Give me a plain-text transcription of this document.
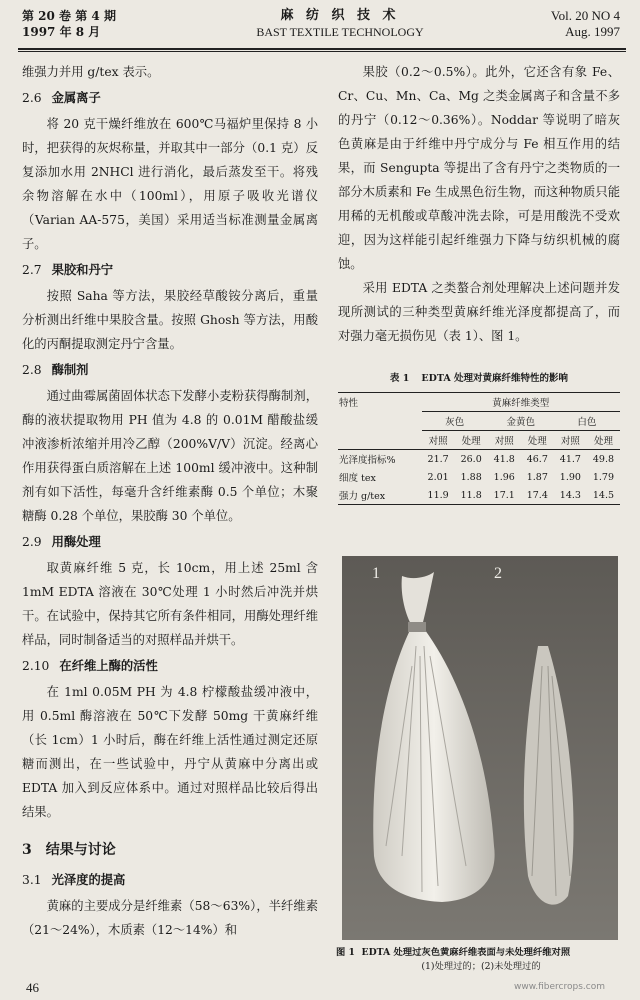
第 20 卷 第 4 期
1997 年 8 月
麻 纺 织 技 术
BAST TEXTILE TECHNOLOGY
Vol. 20 NO 4
Aug. 1997

维强力并用 g/tex 表示。

2.6 金属离子

将 20 克干燥纤维放在 600℃马福炉里保持 8 小时，把获得的灰烬称量，并取其中一部分（0.1 克）反复添加水用 2NHCl 进行消化，最后蒸发至干。将残余物溶解在水中（100ml），用原子吸收光谱仪（Varian AA-575，美国）采用适当标准测量金属离子。

2.7 果胶和丹宁

按照 Saha 等方法，果胶经草酸铵分离后，重量分析测出纤维中果胶含量。按照 Ghosh 等方法，用酸化的丙酮提取测定丹宁含量。

2.8 酶制剂

通过曲霉属菌固体状态下发酵小麦粉获得酶制剂，酶的液状提取物用 PH 值为 4.8 的 0.01M 醋酸盐缓冲液渗析浓缩并用冷乙醇（200%V/V）沉淀。经离心作用获得蛋白质溶解在上述 100ml 缓冲液中。这种制剂有如下活性，每毫升含纤维素酶 0.5 个单位；木聚糖酶 0.28 个单位，果胶酶 30 个单位。

2.9 用酶处理

取黄麻纤维 5 克，长 10cm，用上述 25ml 含 1mM EDTA 溶液在 30℃处理 1 小时然后冲洗并烘干。在试验中，保持其它所有条件相同，用酶处理纤维样品，同时制备适当的对照样品并烘干。

2.10 在纤维上酶的活性

在 1ml 0.05M PH 为 4.8 柠檬酸盐缓冲液中，用 0.5ml 酶溶液在 50℃下发酵 50mg 干黄麻纤维（长 1cm）1 小时后，酶在纤维上活性通过测定还原糖而测出，在一些试验中，丹宁从黄麻中分离出或 EDTA 加入到反应体系中。通过对照样品比较后得出结果。

3 结果与讨论

3.1 光泽度的提高

黄麻的主要成分是纤维素（58～63%），半纤维素（21～24%），木质素（12～14%）和

果胶（0.2～0.5%）。此外，它还含有象 Fe、Cr、Cu、Mn、Ca、Mg 之类金属离子和含量不多的丹宁（0.12～0.36%）。Noddar 等说明了暗灰色黄麻是由于纤维中丹宁成分与 Fe 相互作用的结果，而 Sengupta 等提出了含有丹宁之类物质的一部分木质素和 Fe 生成黑色衍生物，而这种物质只能用稀的无机酸或草酸冲洗去除，可是用酸洗不受欢迎，因为这样能引起纤维强力下降与纺织机械的腐蚀。

采用 EDTA 之类螯合剂处理解决上述问题并发现所测试的三种类型黄麻纤维光泽度都提高了，而对强力毫无损伤见（表 1）、图 1。

表 1 EDTA 处理对黄麻纤维特性的影响
特性	黄麻纤维类型					
	灰色		金黄色		白色	
	对照	处理	对照	处理	对照	处理
光泽度指标%	21.7	26.0	41.8	46.7	41.7	49.8
细度 tex	2.01	1.88	1.96	1.87	1.90	1.79
强力 g/tex	11.9	11.8	17.1	17.4	14.3	14.5
1	2
图 1 EDTA 处理过灰色黄麻纤维表面与未处理纤维对照
(1)处理过的；(2)未处理过的
46	www.fibercrops.com
